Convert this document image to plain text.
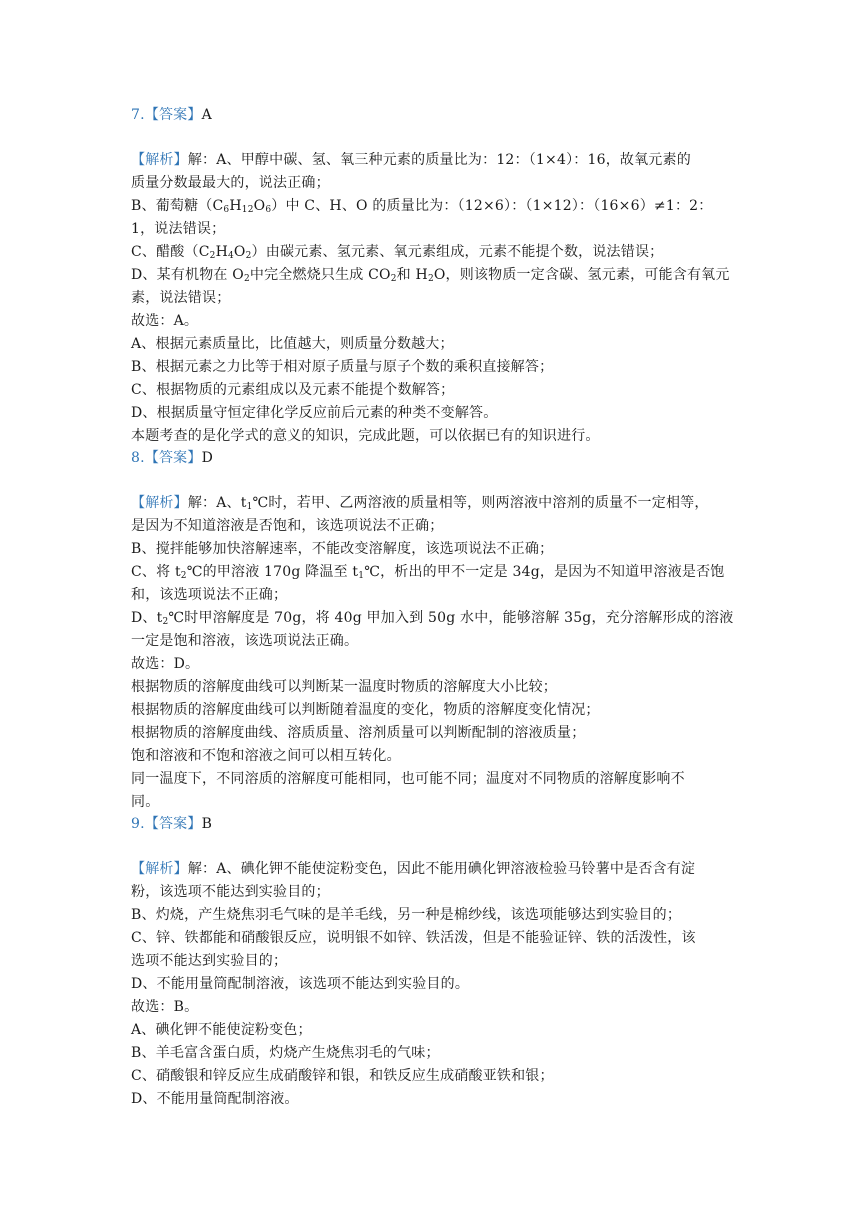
7.【答案】A
【解析】解：A、甲醇中碳、氢、氧三种元素的质量比为：12：（1×4）：16，故氧元素的
质量分数最最大的，说法正确；
B、葡萄糖$(C_6H_{12}O_6)$中 C、H、O 的质量比为：（12×6）：（1×12）：（16×6）≠1：2：
1，说法错误；
C、醋酸$(C_2H_4O_2)$由碳元素、氢元素、氧元素组成，元素不能提个数，说法错误；
D、某有机物在 $O_2$中完全燃烧只生成 $CO_2$和 $H_2O$，则该物质一定含碳、氢元素，可能含有氧元
素，说法错误；
故选：A。
A、根据元素质量比，比值越大，则质量分数越大；
B、根据元素之力比等于相对原子质量与原子个数的乘积直接解答；
C、根据物质的元素组成以及元素不能提个数解答；
D、根据质量守恒定律化学反应前后元素的种类不变解答。
本题考查的是化学式的意义的知识，完成此题，可以依据已有的知识进行。
8.【答案】D
【解析】解：A、$t_1℃$时，若甲、乙两溶液的质量相等，则两溶液中溶剂的质量不一定相等，
是因为不知道溶液是否饱和，该选项说法不正确；
B、搅拌能够加快溶解速率，不能改变溶解度，该选项说法不正确；
C、将 $t_2℃$的甲溶液 170g 降温至 $t_1℃$，析出的甲不一定是 34g，是因为不知道甲溶液是否饱
和，该选项说法不正确；
D、$t_2℃$时甲溶解度是 70g，将 40g 甲加入到 50g 水中，能够溶解 35g，充分溶解形成的溶液
一定是饱和溶液，该选项说法正确。
故选：D。
根据物质的溶解度曲线可以判断某一温度时物质的溶解度大小比较；
根据物质的溶解度曲线可以判断随着温度的变化，物质的溶解度变化情况；
根据物质的溶解度曲线、溶质质量、溶剂质量可以判断配制的溶液质量；
饱和溶液和不饱和溶液之间可以相互转化。
同一温度下，不同溶质的溶解度可能相同，也可能不同；温度对不同物质的溶解度影响不
同。
9.【答案】B
【解析】解：A、碘化钾不能使淀粉变色，因此不能用碘化钾溶液检验马铃薯中是否含有淀
粉，该选项不能达到实验目的；
B、灼烧，产生烧焦羽毛气味的是羊毛线，另一种是棉纱线，该选项能够达到实验目的；
C、锌、铁都能和硝酸银反应，说明银不如锌、铁活泼，但是不能验证锌、铁的活泼性，该
选项不能达到实验目的；
D、不能用量筒配制溶液，该选项不能达到实验目的。
故选：B。
A、碘化钾不能使淀粉变色；
B、羊毛富含蛋白质，灼烧产生烧焦羽毛的气味；
C、硝酸银和锌反应生成硝酸锌和银，和铁反应生成硝酸亚铁和银；
D、不能用量筒配制溶液。
